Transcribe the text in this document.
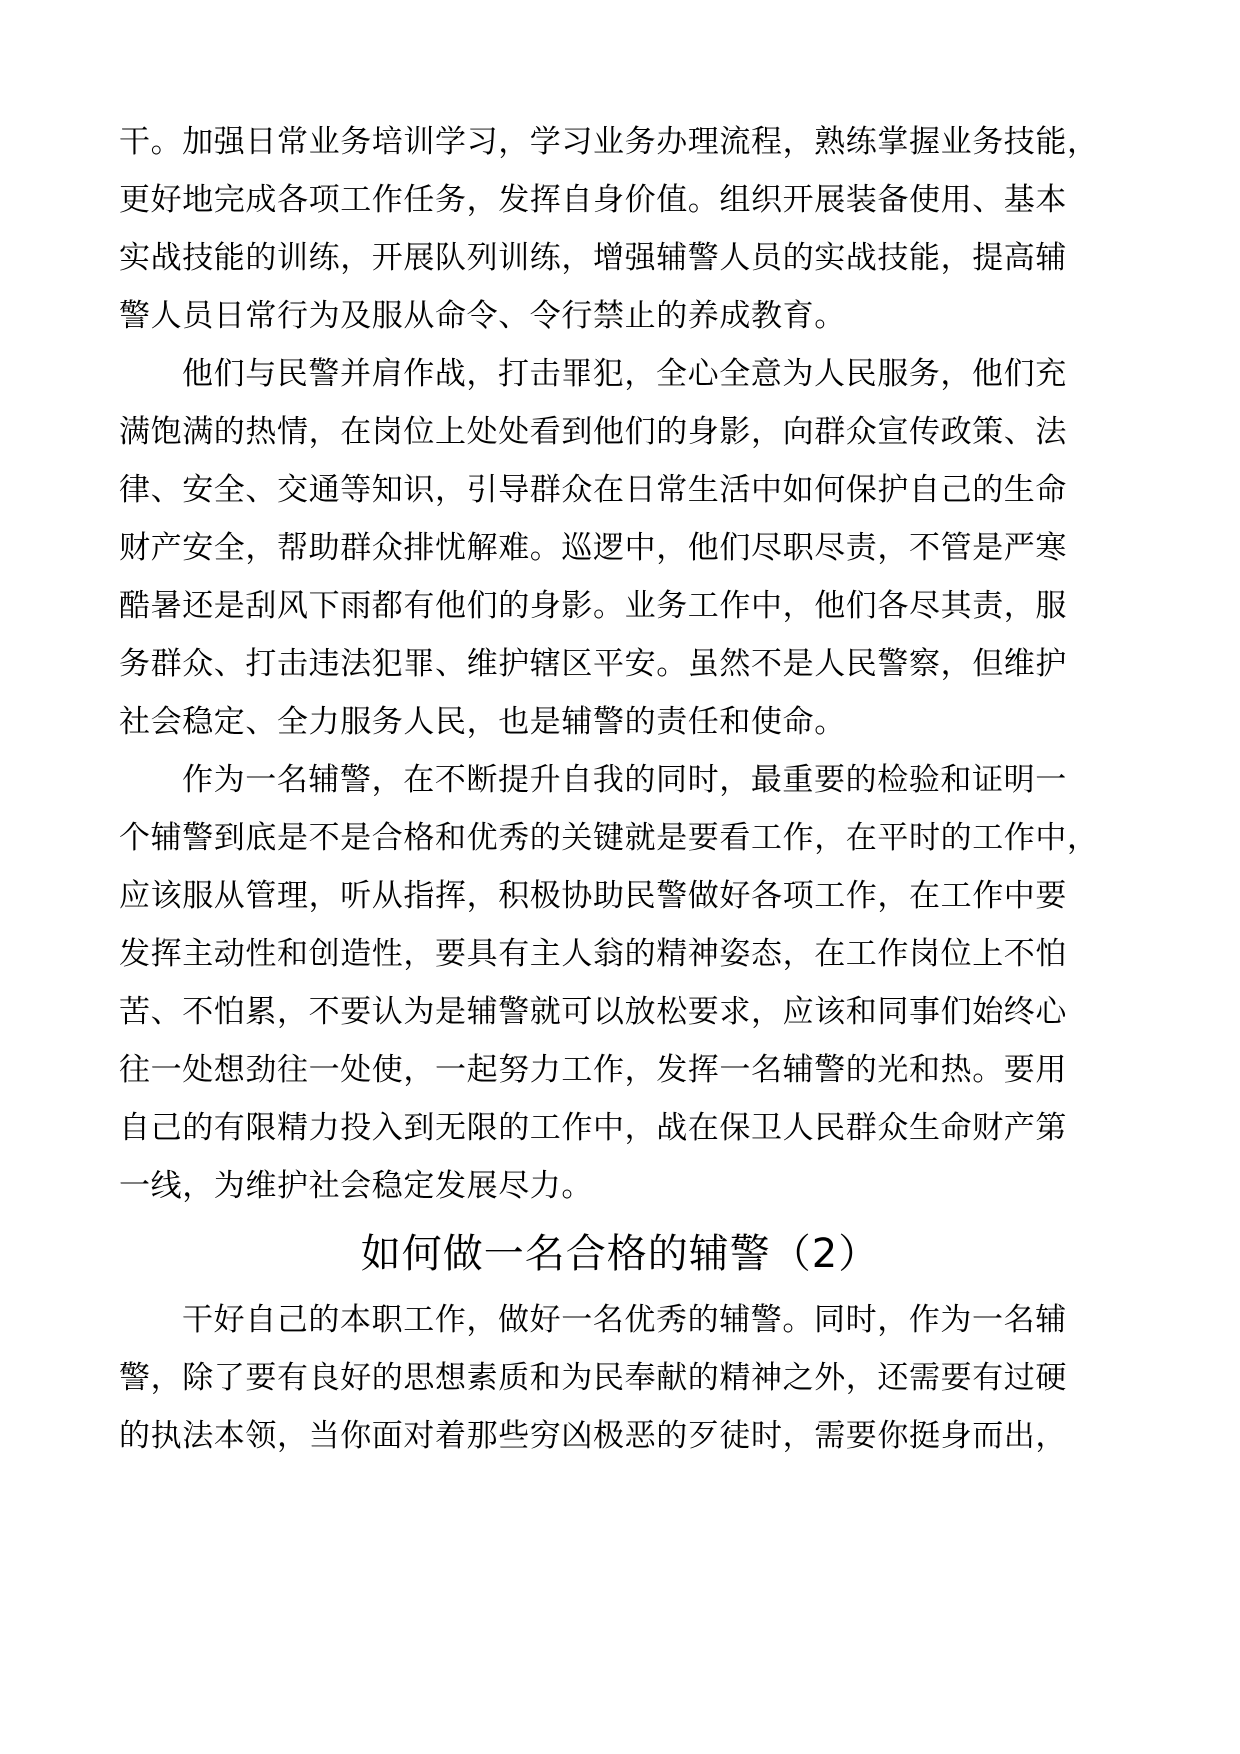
干。加强日常业务培训学习，学习业务办理流程，熟练掌握业务技能，
更好地完成各项工作任务，发挥自身价值。组织开展装备使用、基本
实战技能的训练，开展队列训练，增强辅警人员的实战技能，提高辅
警人员日常行为及服从命令、令行禁止的养成教育。
他们与民警并肩作战，打击罪犯，全心全意为人民服务，他们充
满饱满的热情，在岗位上处处看到他们的身影，向群众宣传政策、法
律、安全、交通等知识，引导群众在日常生活中如何保护自己的生命
财产安全，帮助群众排忧解难。巡逻中，他们尽职尽责，不管是严寒
酷暑还是刮风下雨都有他们的身影。业务工作中，他们各尽其责，服
务群众、打击违法犯罪、维护辖区平安。虽然不是人民警察，但维护
社会稳定、全力服务人民，也是辅警的责任和使命。
作为一名辅警，在不断提升自我的同时，最重要的检验和证明一
个辅警到底是不是合格和优秀的关键就是要看工作，在平时的工作中，
应该服从管理，听从指挥，积极协助民警做好各项工作，在工作中要
发挥主动性和创造性，要具有主人翁的精神姿态，在工作岗位上不怕
苦、不怕累，不要认为是辅警就可以放松要求，应该和同事们始终心
往一处想劲往一处使，一起努力工作，发挥一名辅警的光和热。要用
自己的有限精力投入到无限的工作中，战在保卫人民群众生命财产第
一线，为维护社会稳定发展尽力。
如何做一名合格的辅警（2）
干好自己的本职工作，做好一名优秀的辅警。同时，作为一名辅
警，除了要有良好的思想素质和为民奉献的精神之外，还需要有过硬
的执法本领，当你面对着那些穷凶极恶的歹徒时，需要你挺身而出，
